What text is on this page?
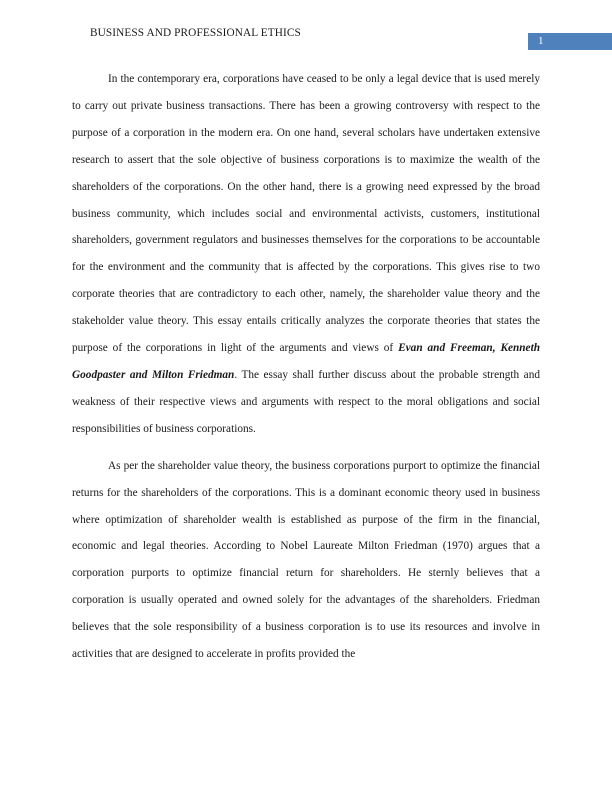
BUSINESS AND PROFESSIONAL ETHICS
1

In the contemporary era, corporations have ceased to be only a legal device that is used merely to carry out private business transactions. There has been a growing controversy with respect to the purpose of a corporation in the modern era. On one hand, several scholars have undertaken extensive research to assert that the sole objective of business corporations is to maximize the wealth of the shareholders of the corporations. On the other hand, there is a growing need expressed by the broad business community, which includes social and environmental activists, customers, institutional shareholders, government regulators and businesses themselves for the corporations to be accountable for the environment and the community that is affected by the corporations. This gives rise to two corporate theories that are contradictory to each other, namely, the shareholder value theory and the stakeholder value theory. This essay entails critically analyzes the corporate theories that states the purpose of the corporations in light of the arguments and views of Evan and Freeman, Kenneth Goodpaster and Milton Friedman. The essay shall further discuss about the probable strength and weakness of their respective views and arguments with respect to the moral obligations and social responsibilities of business corporations.

As per the shareholder value theory, the business corporations purport to optimize the financial returns for the shareholders of the corporations. This is a dominant economic theory used in business where optimization of shareholder wealth is established as purpose of the firm in the financial, economic and legal theories. According to Nobel Laureate Milton Friedman (1970) argues that a corporation purports to optimize financial return for shareholders. He sternly believes that a corporation is usually operated and owned solely for the advantages of the shareholders. Friedman believes that the sole responsibility of a business corporation is to use its resources and involve in activities that are designed to accelerate in profits provided the
